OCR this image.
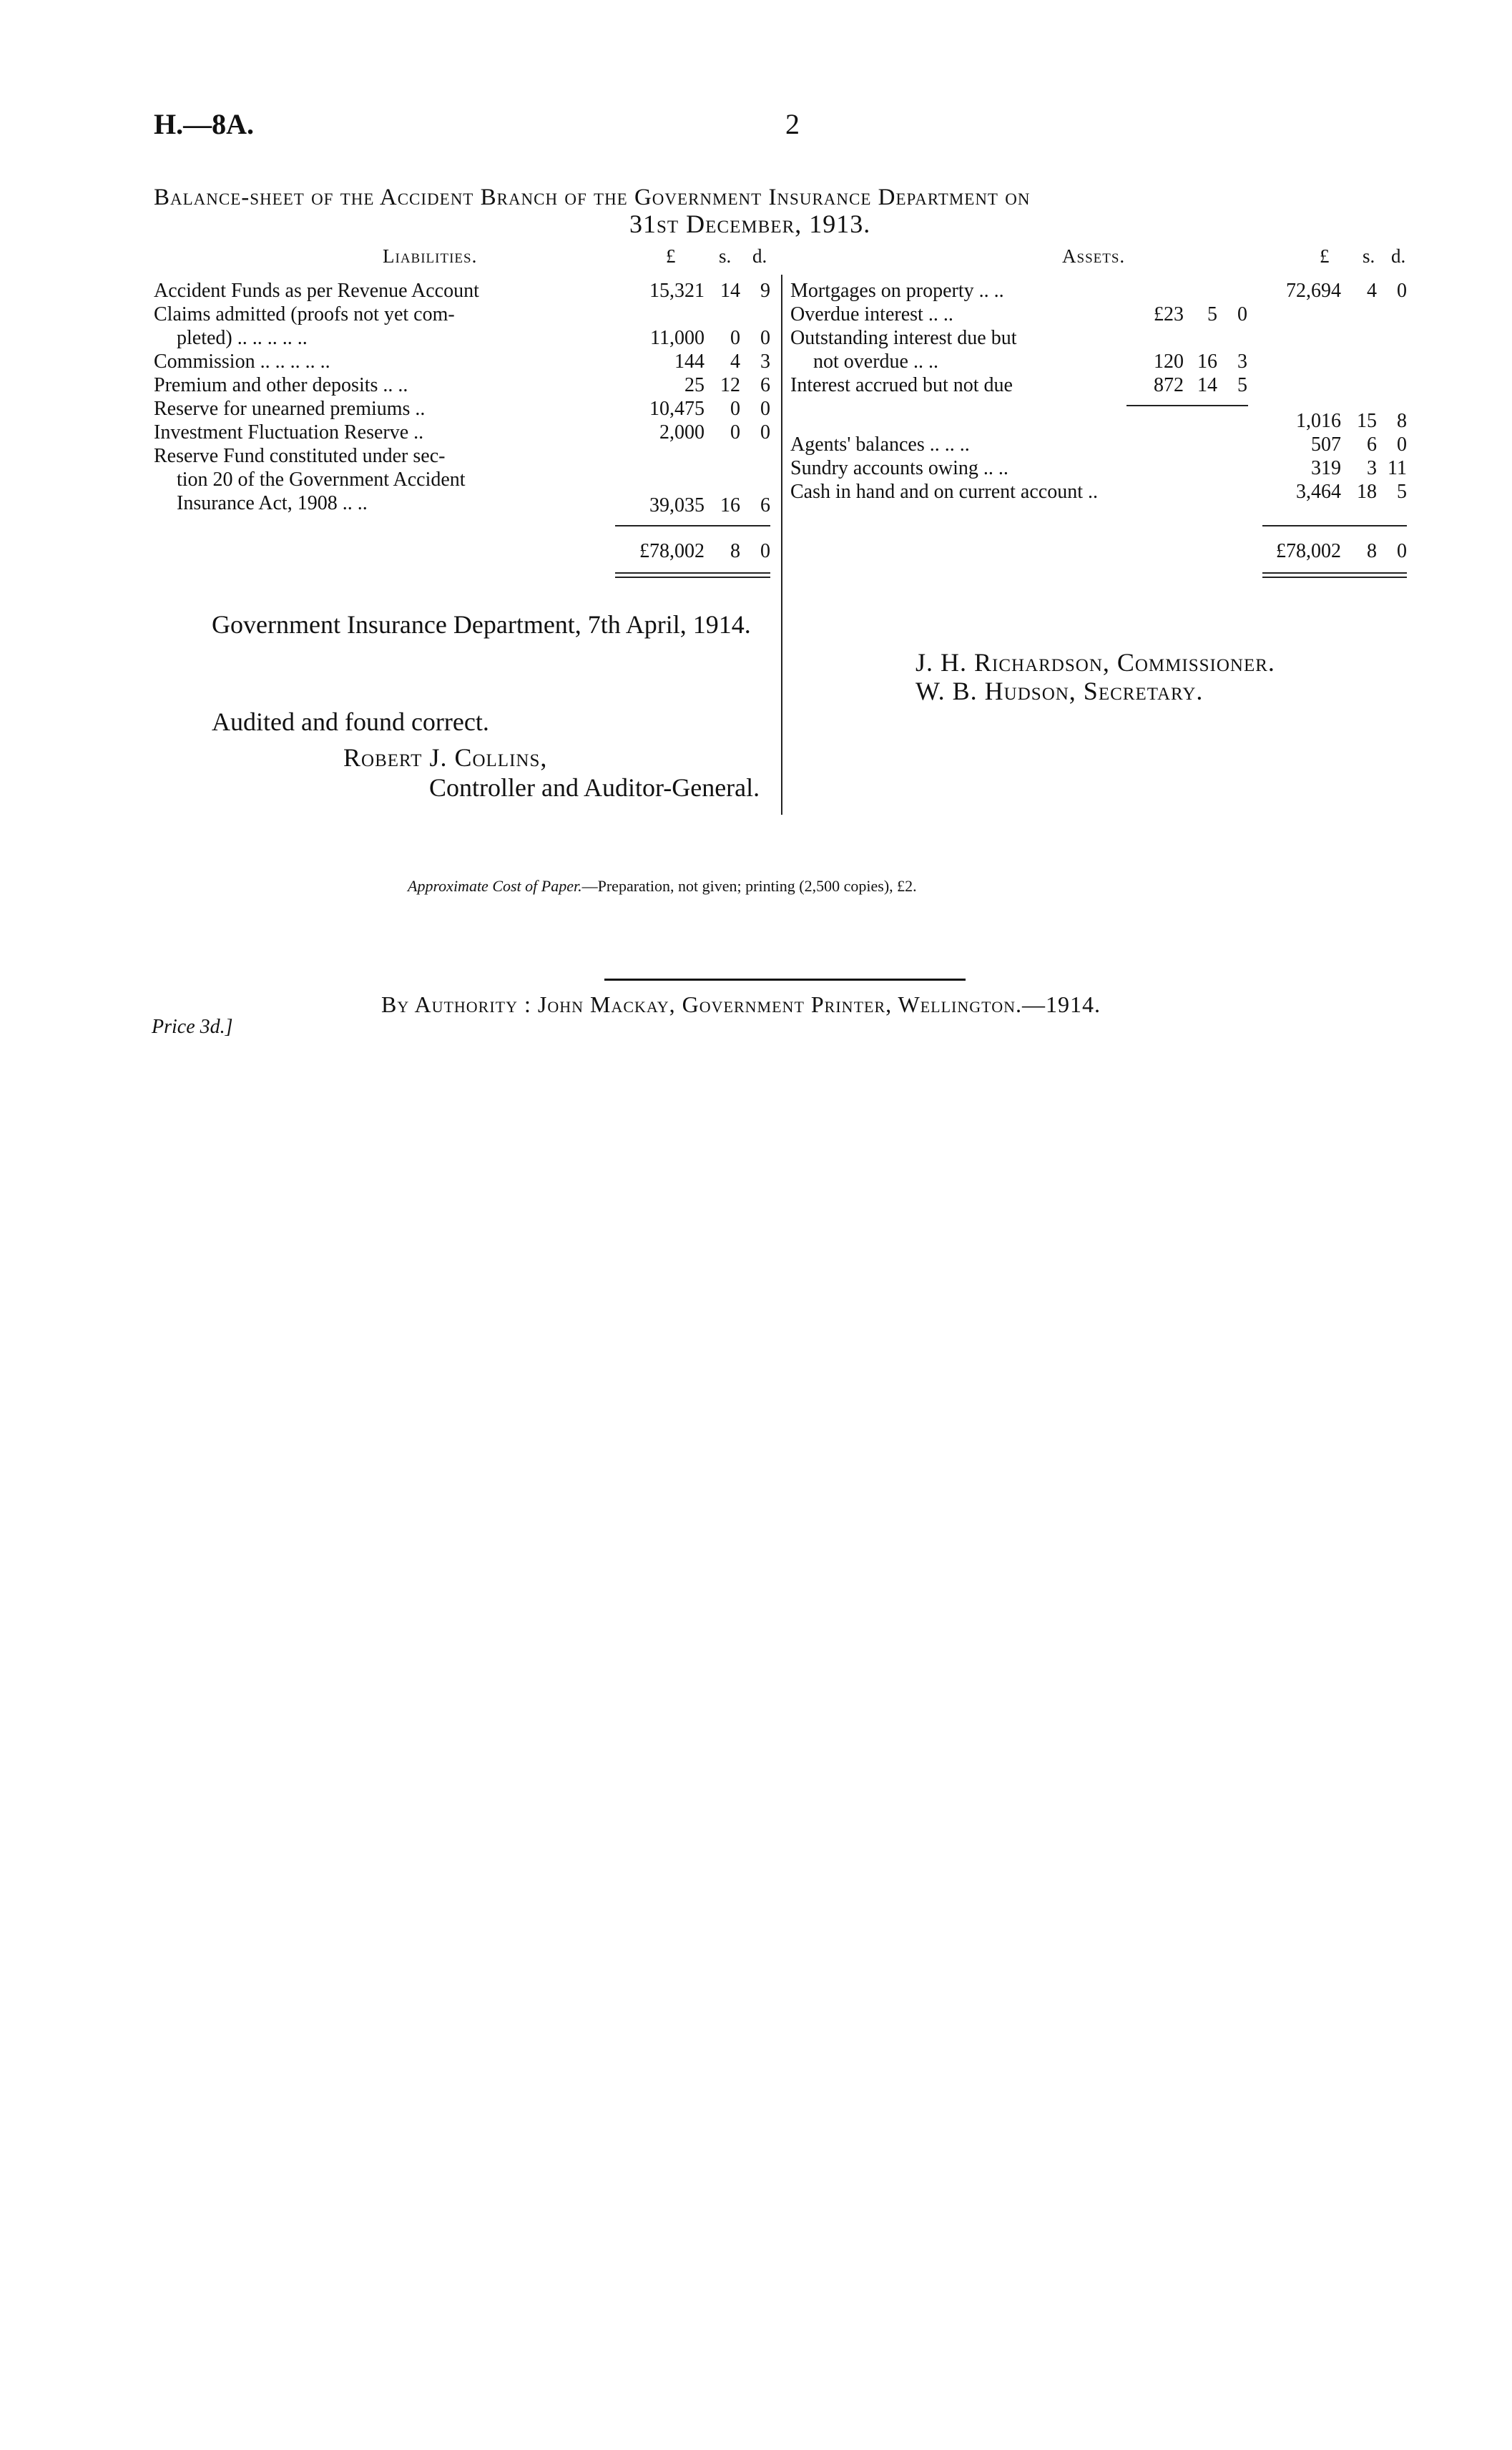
H.—8A.	2
Balance-sheet of the Accident Branch of the Government Insurance Department on
31st December, 1913.
Liabilities.	£ s. d.
Accident Funds as per Revenue Account	15,321 14	9
Claims admitted (proofs not yet com-
pleted) .. .. .. .. ..	11,000	0	0
Commission .. .. .. .. ..	144	4	3
Premium and other deposits .. ..	25 12	6
Reserve for unearned premiums ..	10,475	0	0
Investment Fluctuation Reserve ..	2,000	0	0
Reserve Fund constituted under sec-
tion 20 of the Government Accident
Insurance Act, 1908 .. ..	39,035 16	6
£78,002	8	0
Assets.	£ s. d.
Mortgages on property .. ..	72,694	4	0
Overdue interest .. ..	£23	5	0
Outstanding interest due but
not overdue .. ..	120 16	3
Interest accrued but not due	872 14	5
1,016 15	8
Agents' balances .. .. ..	507	6	0
Sundry accounts owing .. ..	319	3 11
Cash in hand and on current account ..	3,464 18	5
£78,002	8	0
Government Insurance Department, 7th April, 1914.
J. H. Richardson, Commissioner.
W. B. Hudson, Secretary.
Audited and found correct.
Robert J. Collins,
Controller and Auditor-General.
Approximate Cost of Paper.—Preparation, not given; printing (2,500 copies), £2.
By Authority : John Mackay, Government Printer, Wellington.—1914.
Price 3d.]
